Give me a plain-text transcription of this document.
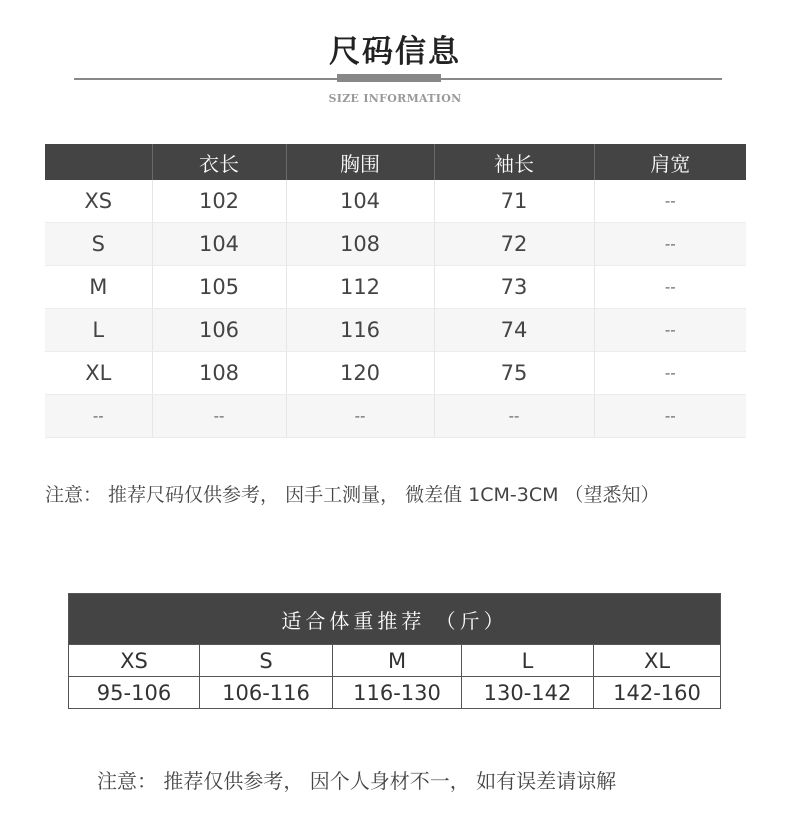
尺码信息
SIZE INFORMATION
	衣长	胸围	袖长	肩宽
XS	102	104	71	--
S	104	108	72	--
M	105	112	73	--
L	106	116	74	--
XL	108	120	75	--
--	--	--	--	--
注意： 推荐尺码仅供参考， 因手工测量， 微差值 1CM-3CM （望悉知）
适合体重推荐 （斤）				
XS	S	M	L	XL
95-106	106-116	116-130	130-142	142-160
注意： 推荐仅供参考， 因个人身材不一， 如有误差请谅解
